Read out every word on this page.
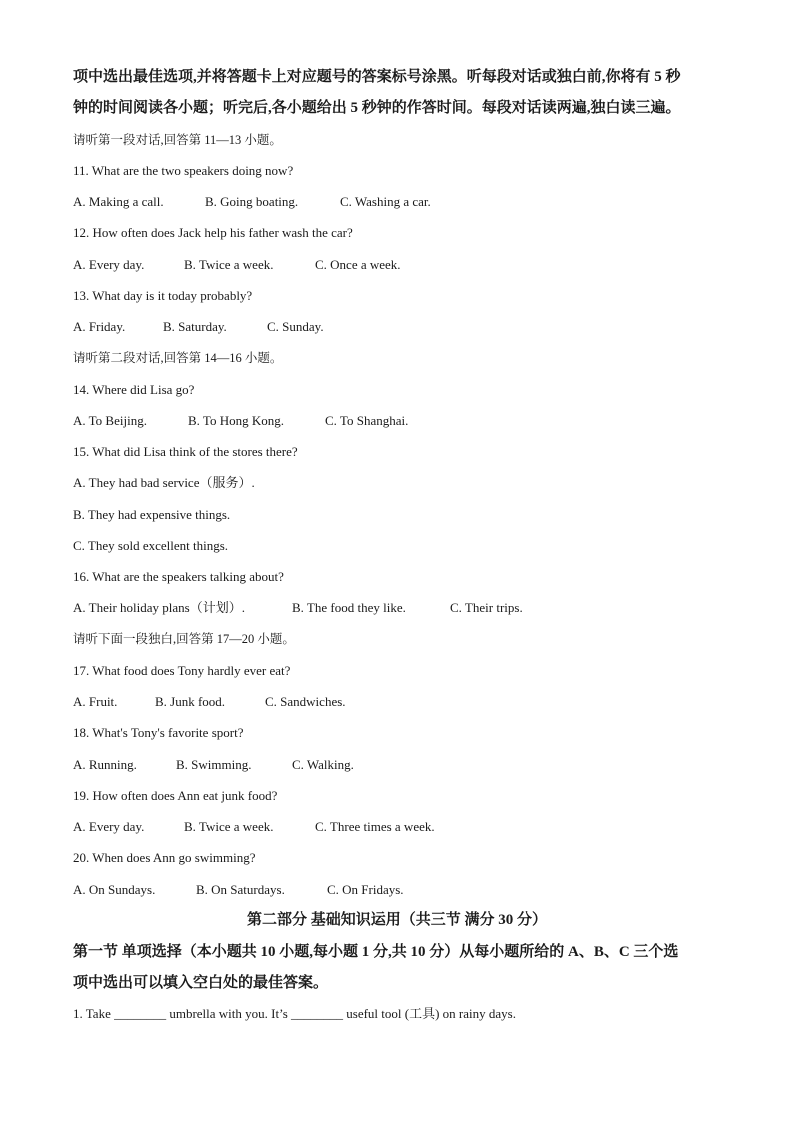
项中选出最佳选项,并将答题卡上对应题号的答案标号涂黑。听每段对话或独白前,你将有 5 秒
钟的时间阅读各小题；听完后,各小题给出 5 秒钟的作答时间。每段对话读两遍,独白读三遍。
请听第一段对话,回答第 11—13 小题。
11. What are the two speakers doing now?
A. Making a call.	B. Going boating.	C. Washing a car.
12. How often does Jack help his father wash the car?
A. Every day.	B. Twice a week.	C. Once a week.
13. What day is it today probably?
A. Friday.	B. Saturday.	C. Sunday.
请听第二段对话,回答第 14—16 小题。
14. Where did Lisa go?
A. To Beijing.	B. To Hong Kong.	C. To Shanghai.
15. What did Lisa think of the stores there?
A. They had bad service（服务）.
B. They had expensive things.
C. They sold excellent things.
16. What are the speakers talking about?
A. Their holiday plans（计划）.	B. The food they like.	C. Their trips.
请听下面一段独白,回答第 17—20 小题。
17. What food does Tony hardly ever eat?
A. Fruit.	B. Junk food.	C. Sandwiches.
18. What's Tony's favorite sport?
A. Running.	B. Swimming.	C. Walking.
19. How often does Ann eat junk food?
A. Every day.	B. Twice a week.	C. Three times a week.
20. When does Ann go swimming?
A. On Sundays.	B. On Saturdays.	C. On Fridays.
第二部分 基础知识运用（共三节 满分 30 分）
第一节 单项选择（本小题共 10 小题,每小题 1 分,共 10 分）从每小题所给的 A、B、C 三个选
项中选出可以填入空白处的最佳答案。
1. Take ________ umbrella with you. It’s ________ useful tool (工具) on rainy days.
